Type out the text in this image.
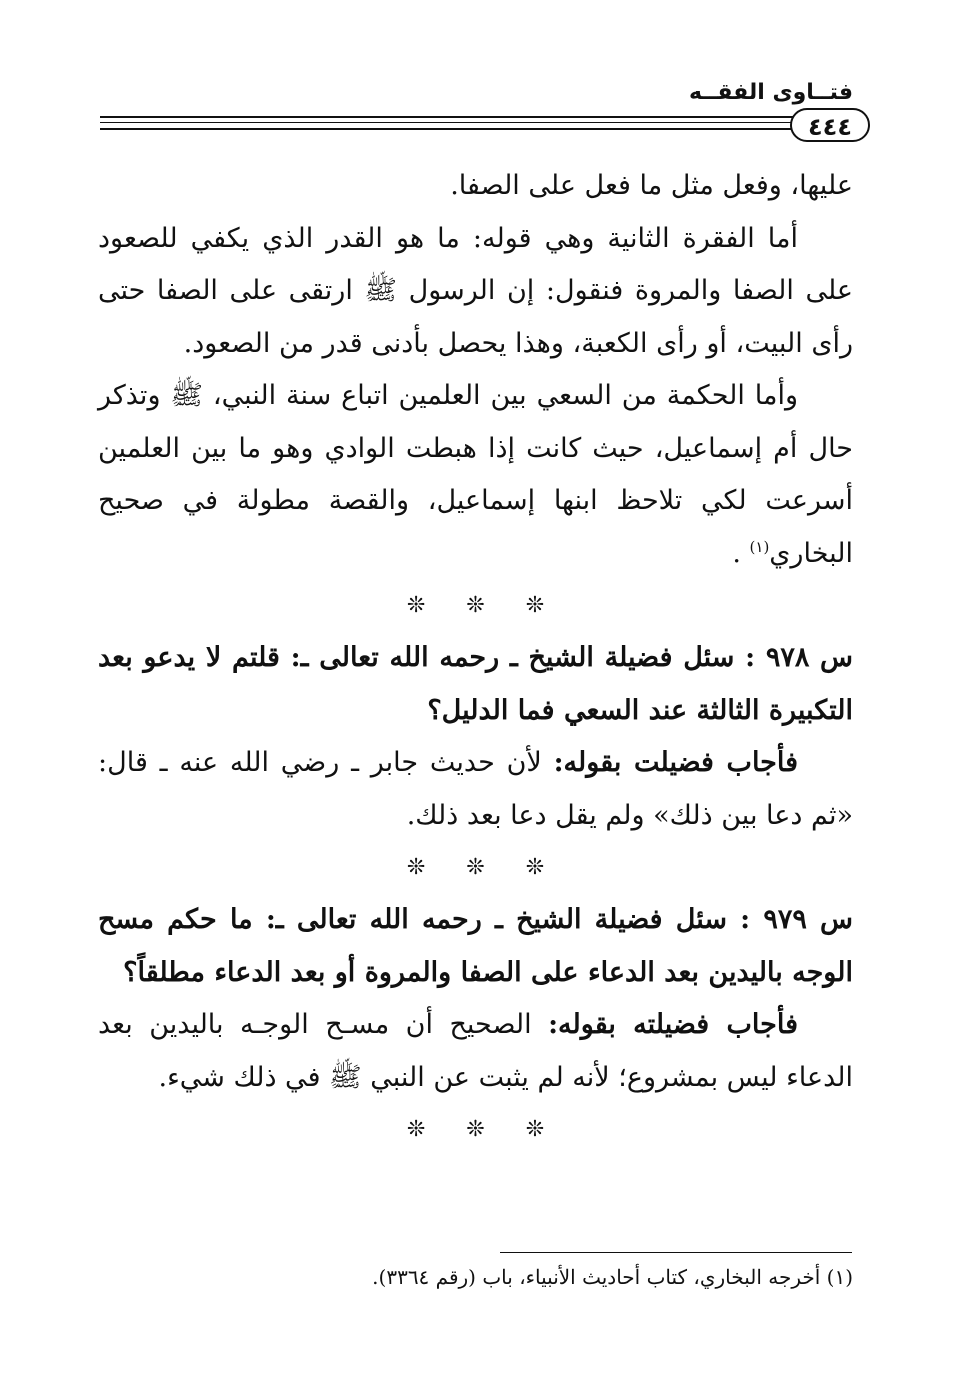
فتــاوى الفقــه
٤٤٤

عليها، وفعل مثل ما فعل على الصفا.

أما الفقرة الثانية وهي قوله: ما هو القدر الذي يكفي للصعود على الصفا والمروة فنقول: إن الرسول ﷺ ارتقى على الصفا حتى رأى البيت، أو رأى الكعبة، وهذا يحصل بأدنى قدر من الصعود.

وأما الحكمة من السعي بين العلمين اتباع سنة النبي، ﷺ وتذكر حال أم إسماعيل، حيث كانت إذا هبطت الوادي وهو ما بين العلمين أسرعت لكي تلاحظ ابنها إسماعيل، والقصة مطولة في صحيح البخاري$^{(١)}$ .

❊ ❊ ❊

س ٩٧٨ : سئل فضيلة الشيخ ـ رحمه الله تعالى ـ: قلتم لا يدعو بعد التكبيرة الثالثة عند السعي فما الدليل؟

فأجاب فضيلت بقوله: لأن حديث جابر ـ رضي الله عنه ـ قال: «ثم دعا بين ذلك» ولم يقل دعا بعد ذلك.

❊ ❊ ❊

س ٩٧٩ : سئل فضيلة الشيخ ـ رحمه الله تعالى ـ: ما حكم مسح الوجه باليدين بعد الدعاء على الصفا والمروة أو بعد الدعاء مطلقاً؟

فأجاب فضيلته بقوله: الصحيح أن مسـح الوجـه باليدين بعد الدعاء ليس بمشروع؛ لأنه لم يثبت عن النبي ﷺ في ذلك شيء.

❊ ❊ ❊

(١) أخرجه البخاري، كتاب أحاديث الأنبياء، باب (رقم ٣٣٦٤).
